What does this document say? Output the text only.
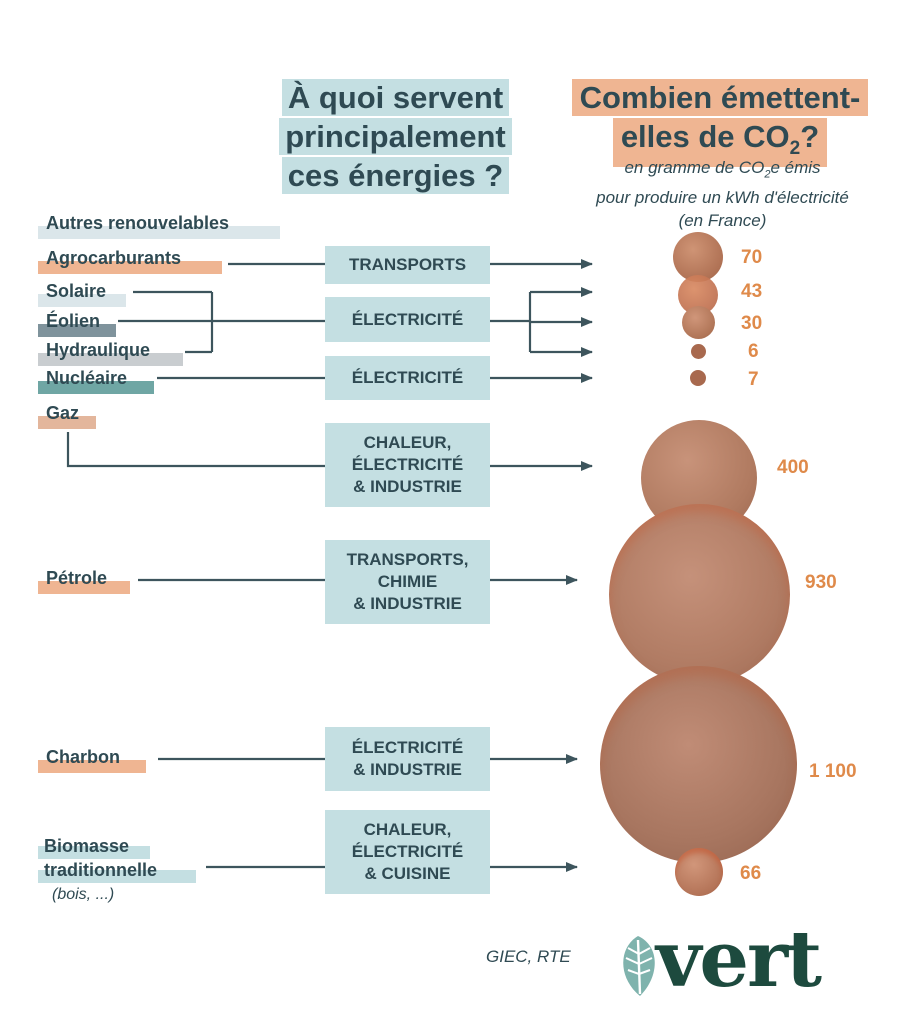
À quoi servent
principalement
ces énergies ?
Combien émettent-
elles de $CO_2$?
en gramme de $CO_2e$ émis
pour produire un kWh d'électricité
(en France)
Autres renouvelables
Agrocarburants
Solaire
Éolien
Hydraulique
Nucléaire
Gaz
Pétrole
Charbon
Biomasse
traditionnelle
(bois, ...)
TRANSPORTS
ÉLECTRICITÉ
ÉLECTRICITÉ
CHALEUR,
ÉLECTRICITÉ
& INDUSTRIE
TRANSPORTS,
CHIMIE
& INDUSTRIE
ÉLECTRICITÉ
& INDUSTRIE
CHALEUR,
ÉLECTRICITÉ
& CUISINE
70
43
30
6
7
400
930
1 100
66
GIEC, RTE vert
